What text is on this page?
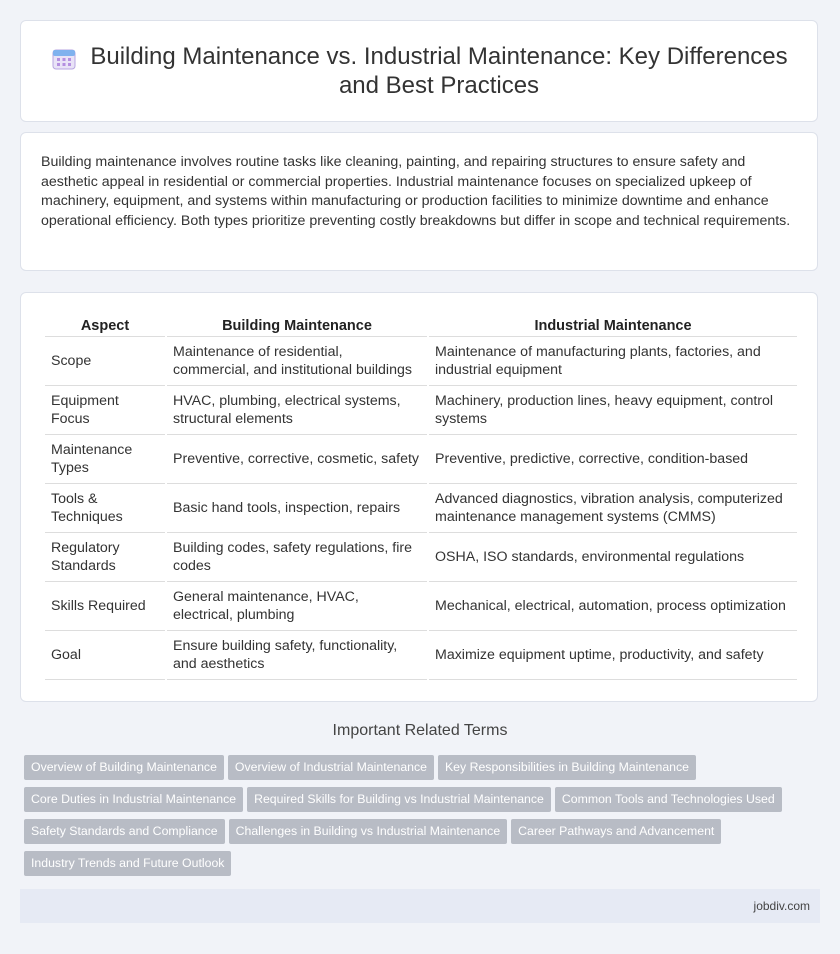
Building Maintenance vs. Industrial Maintenance: Key Differences and Best Practices

Building maintenance involves routine tasks like cleaning, painting, and repairing structures to ensure safety and aesthetic appeal in residential or commercial properties. Industrial maintenance focuses on specialized upkeep of machinery, equipment, and systems within manufacturing or production facilities to minimize downtime and enhance operational efficiency. Both types prioritize preventing costly breakdowns but differ in scope and technical requirements.

Aspect	Building Maintenance	Industrial Maintenance
Scope	Maintenance of residential, commercial, and institutional buildings	Maintenance of manufacturing plants, factories, and industrial equipment
Equipment Focus	HVAC, plumbing, electrical systems, structural elements	Machinery, production lines, heavy equipment, control systems
Maintenance Types	Preventive, corrective, cosmetic, safety	Preventive, predictive, corrective, condition-based
Tools & Techniques	Basic hand tools, inspection, repairs	Advanced diagnostics, vibration analysis, computerized maintenance management systems (CMMS)
Regulatory Standards	Building codes, safety regulations, fire codes	OSHA, ISO standards, environmental regulations
Skills Required	General maintenance, HVAC, electrical, plumbing	Mechanical, electrical, automation, process optimization
Goal	Ensure building safety, functionality, and aesthetics	Maximize equipment uptime, productivity, and safety
Important Related Terms
Overview of Building Maintenance Overview of Industrial Maintenance Key Responsibilities in Building Maintenance
Core Duties in Industrial Maintenance Required Skills for Building vs Industrial Maintenance Common Tools and Technologies Used
Safety Standards and Compliance Challenges in Building vs Industrial Maintenance Career Pathways and Advancement
Industry Trends and Future Outlook
jobdiv.com
